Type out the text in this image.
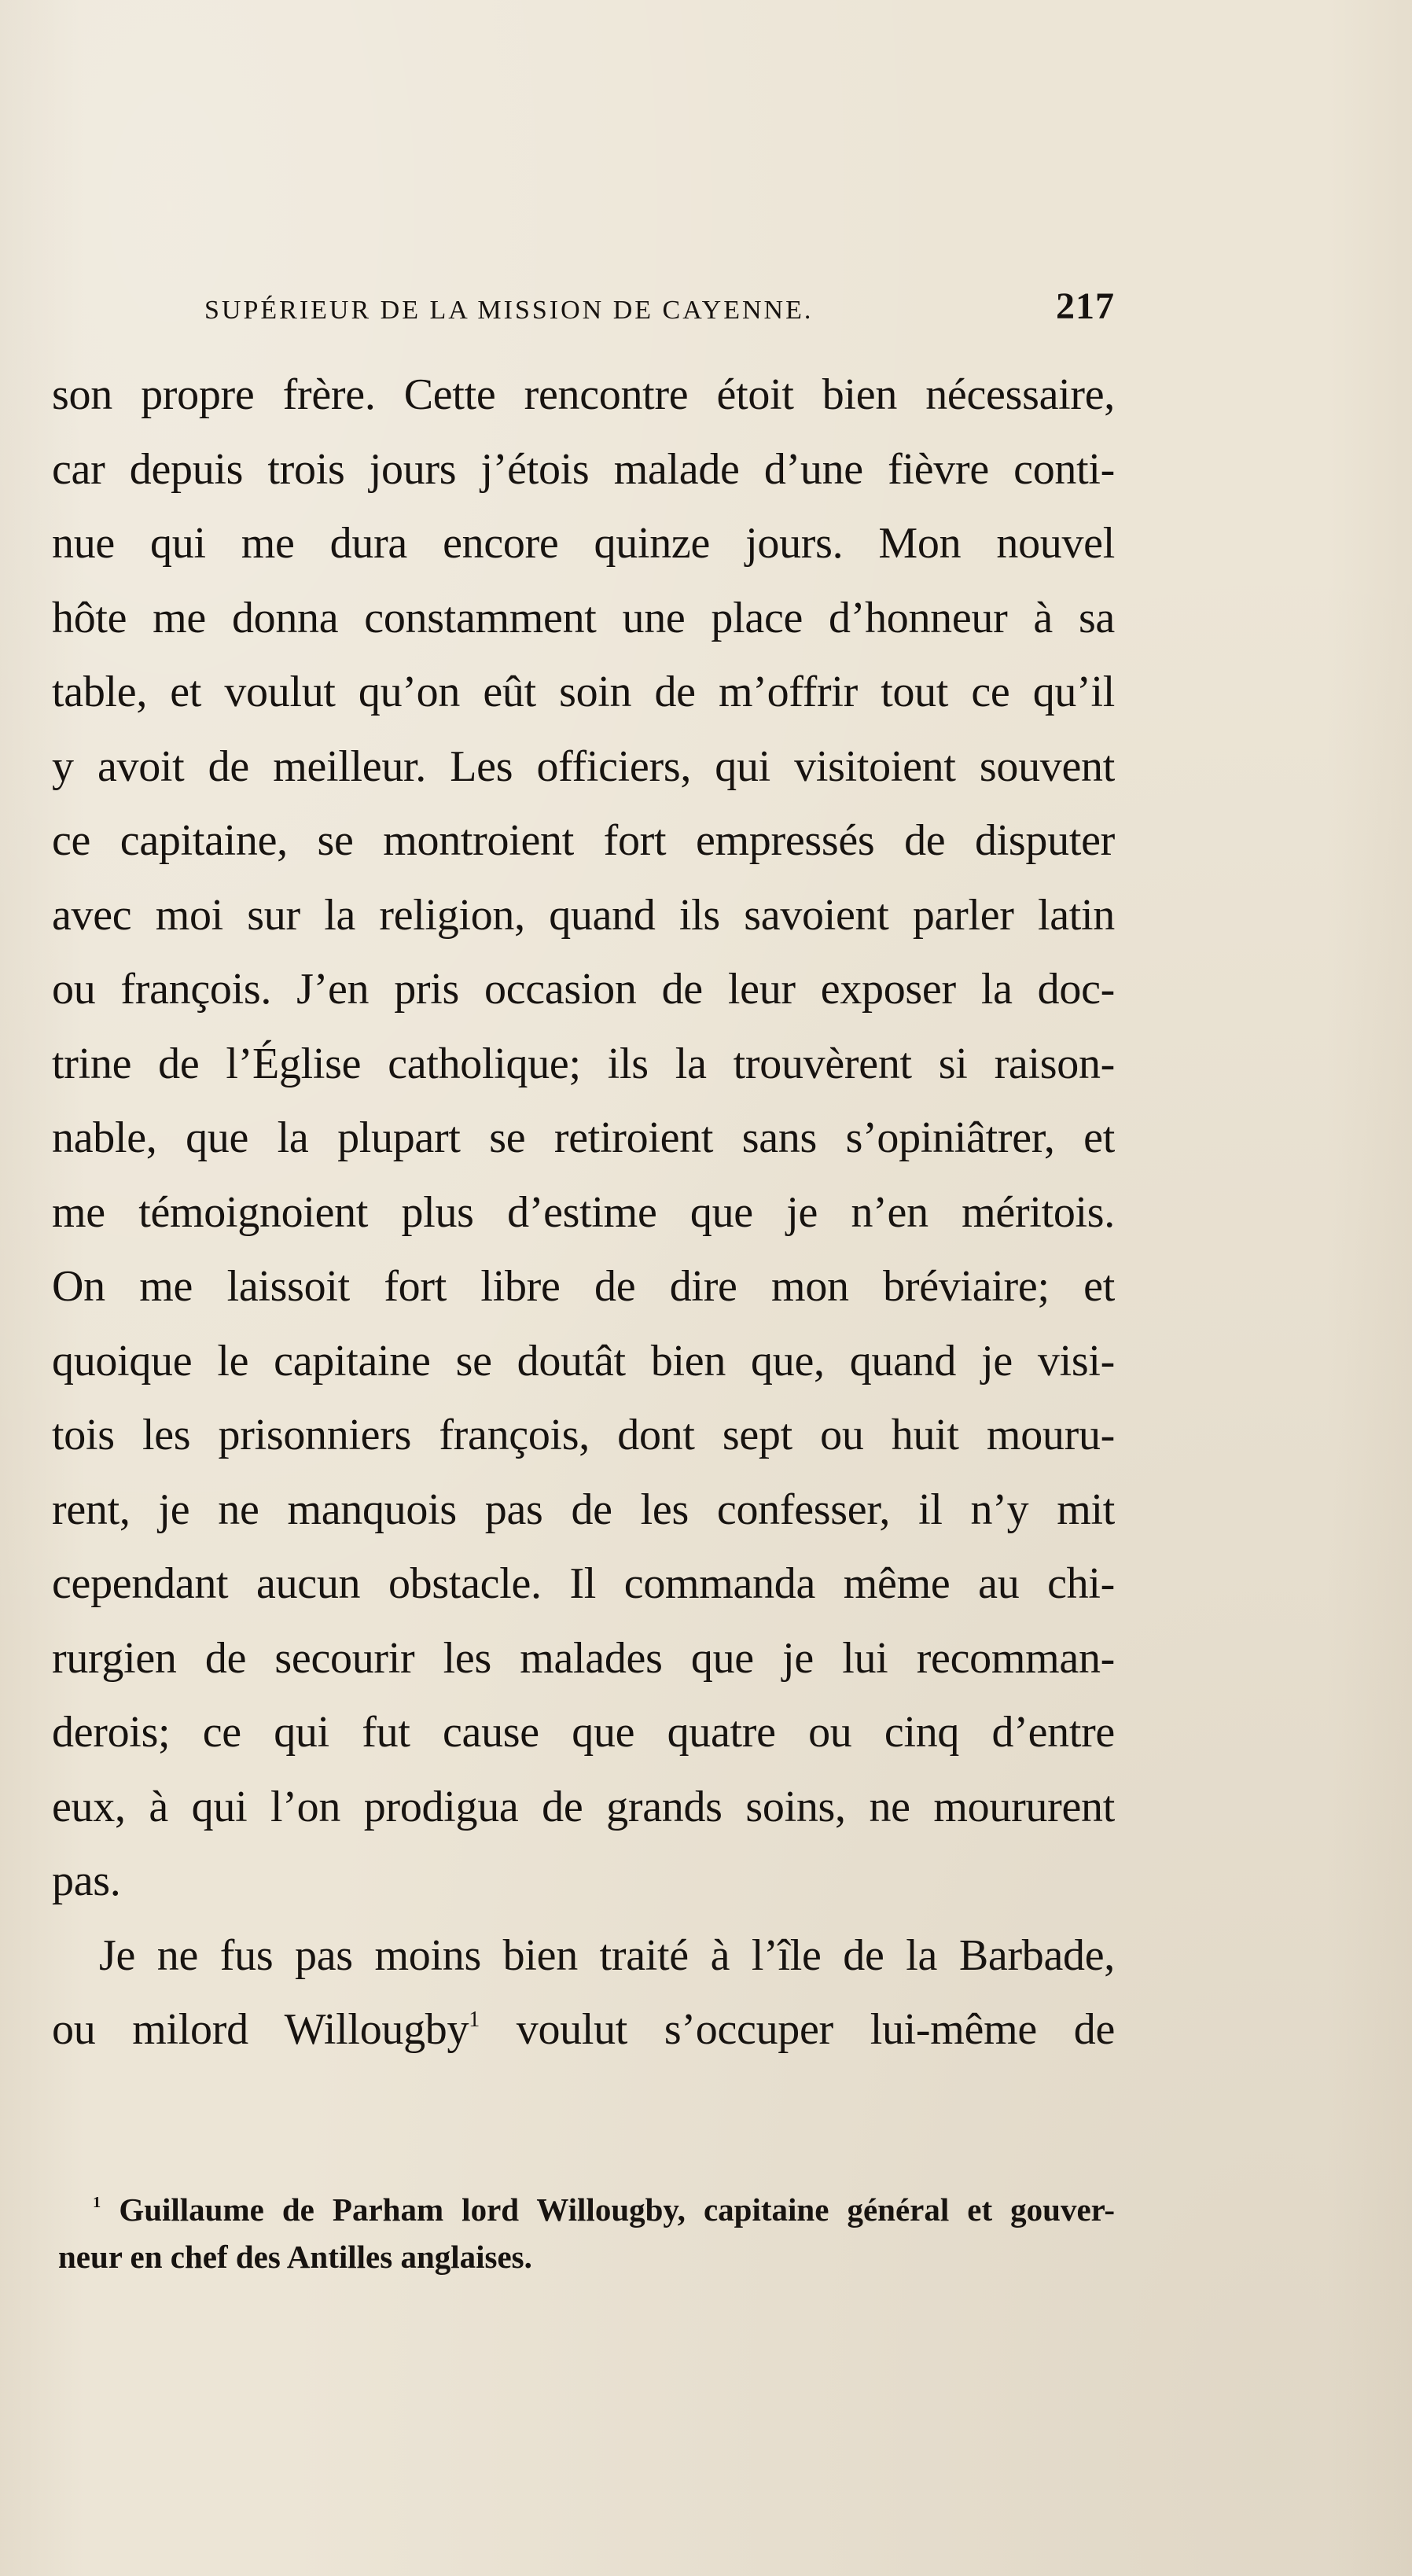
SUPÉRIEUR DE LA MISSION DE CAYENNE.	217
son propre frère. Cette rencontre étoit bien nécessaire,
car depuis trois jours j’étois malade d’une fièvre conti-
nue qui me dura encore quinze jours. Mon nouvel
hôte me donna constamment une place d’honneur à sa
table, et voulut qu’on eût soin de m’offrir tout ce qu’il
y avoit de meilleur. Les officiers, qui visitoient souvent
ce capitaine, se montroient fort empressés de disputer
avec moi sur la religion, quand ils savoient parler latin
ou françois. J’en pris occasion de leur exposer la doc-
trine de l’Église catholique; ils la trouvèrent si raison-
nable, que la plupart se retiroient sans s’opiniâtrer, et
me témoignoient plus d’estime que je n’en méritois.
On me laissoit fort libre de dire mon bréviaire; et
quoique le capitaine se doutât bien que, quand je visi-
tois les prisonniers françois, dont sept ou huit mouru-
rent, je ne manquois pas de les confesser, il n’y mit
cependant aucun obstacle. Il commanda même au chi-
rurgien de secourir les malades que je lui recomman-
derois; ce qui fut cause que quatre ou cinq d’entre
eux, à qui l’on prodigua de grands soins, ne moururent
pas.
Je ne fus pas moins bien traité à l’île de la Barbade,
ou milord Willougby$^1$ voulut s’occuper lui-même de
$^1$ Guillaume de Parham lord Willougby, capitaine général et gouver-
neur en chef des Antilles anglaises.
